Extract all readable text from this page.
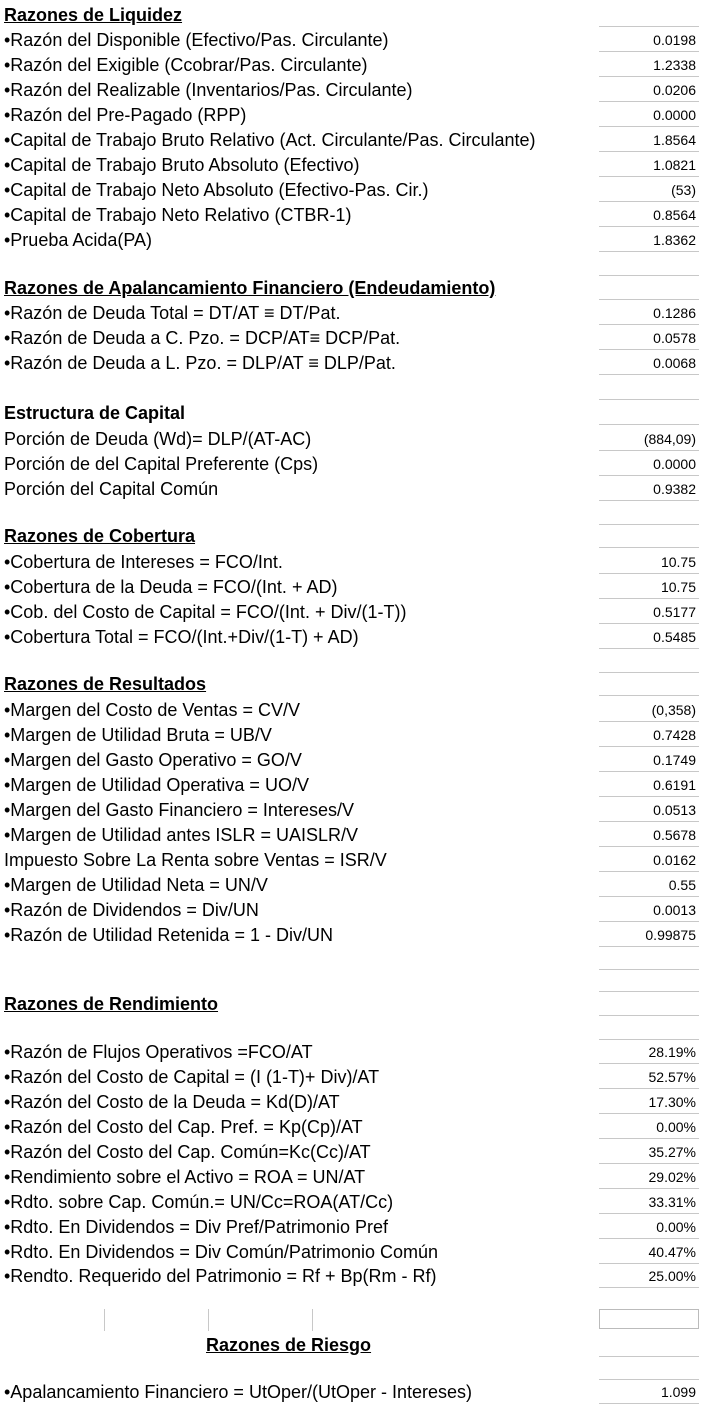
Razones de Liquidez
•Razón del Disponible (Efectivo/Pas. Circulante)	0.0198
•Razón del Exigible (Ccobrar/Pas. Circulante)	1.2338
•Razón del Realizable (Inventarios/Pas. Circulante)	0.0206
•Razón del Pre-Pagado (RPP)	0.0000
•Capital de Trabajo Bruto Relativo (Act. Circulante/Pas. Circulante)	1.8564
•Capital de Trabajo Bruto Absoluto (Efectivo)	1.0821
•Capital de Trabajo Neto Absoluto (Efectivo-Pas. Cir.)	(53)
•Capital de Trabajo Neto Relativo (CTBR-1)	0.8564
•Prueba Acida(PA)	1.8362
Razones de Apalancamiento Financiero (Endeudamiento)
•Razón de Deuda Total = DT/AT ≡ DT/Pat.	0.1286
•Razón de Deuda a C. Pzo. = DCP/AT≡ DCP/Pat.	0.0578
•Razón de Deuda a L. Pzo. = DLP/AT ≡ DLP/Pat.	0.0068
Estructura de Capital
Porción de Deuda (Wd)= DLP/(AT-AC)	(884,09)
Porción de del Capital Preferente (Cps)	0.0000
Porción del Capital Común	0.9382
Razones de Cobertura
•Cobertura de Intereses = FCO/Int.	10.75
•Cobertura de la Deuda = FCO/(Int. + AD)	10.75
•Cob. del Costo de Capital = FCO/(Int. + Div/(1-T))	0.5177
•Cobertura Total = FCO/(Int.+Div/(1-T) + AD)	0.5485
Razones de Resultados
•Margen del Costo de Ventas = CV/V	(0,358)
•Margen de Utilidad Bruta = UB/V	0.7428
•Margen del Gasto Operativo = GO/V	0.1749
•Margen de Utilidad Operativa = UO/V	0.6191
•Margen del Gasto Financiero = Intereses/V	0.0513
•Margen de Utilidad antes ISLR = UAISLR/V	0.5678
Impuesto Sobre La Renta sobre Ventas = ISR/V	0.0162
•Margen de Utilidad Neta = UN/V	0.55
•Razón de Dividendos = Div/UN	0.0013
•Razón de Utilidad Retenida = 1 - Div/UN	0.99875
Razones de Rendimiento
•Razón de Flujos Operativos =FCO/AT	28.19%
•Razón del Costo de Capital = (I (1-T)+ Div)/AT	52.57%
•Razón del Costo de la Deuda = Kd(D)/AT	17.30%
•Razón del Costo del Cap. Pref. = Kp(Cp)/AT	0.00%
•Razón del Costo del Cap. Común=Kc(Cc)/AT	35.27%
•Rendimiento sobre el Activo = ROA = UN/AT	29.02%
•Rdto. sobre Cap. Común.= UN/Cc=ROA(AT/Cc)	33.31%
•Rdto. En Dividendos = Div Pref/Patrimonio Pref	0.00%
•Rdto. En Dividendos = Div Común/Patrimonio Común	40.47%
•Rendto. Requerido del Patrimonio = Rf + Bp(Rm - Rf)	25.00%
Razones de Riesgo
•Apalancamiento Financiero = UtOper/(UtOper - Intereses)	1.099
